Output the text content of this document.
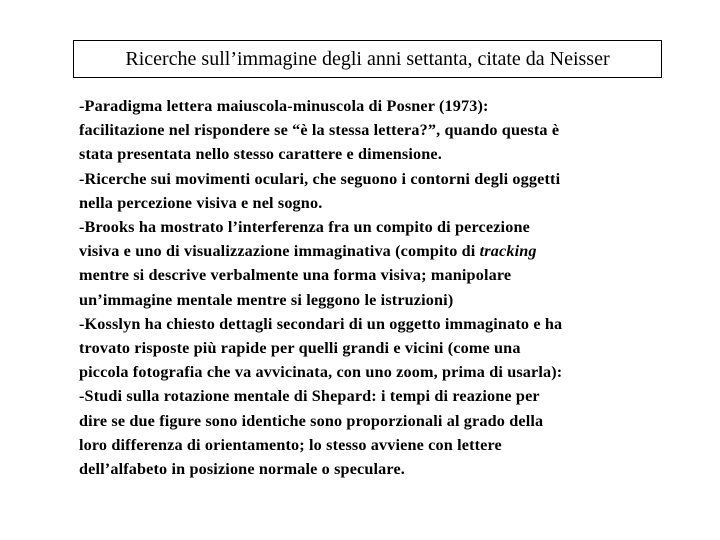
Ricerche sull’immagine degli anni settanta, citate da Neisser
-Paradigma lettera maiuscola-minuscola di Posner (1973):
facilitazione nel rispondere se “è la stessa lettera?”, quando questa è
stata presentata nello stesso carattere e dimensione.
-Ricerche sui movimenti oculari, che seguono i contorni degli oggetti
nella percezione visiva e nel sogno.
-Brooks ha mostrato l’interferenza fra un compito di percezione
visiva e uno di visualizzazione immaginativa (compito di tracking
mentre si descrive verbalmente una forma visiva; manipolare
un’immagine mentale mentre si leggono le istruzioni)
-Kosslyn ha chiesto dettagli secondari di un oggetto immaginato e ha
trovato risposte più rapide per quelli grandi e vicini (come una
piccola fotografia che va avvicinata, con uno zoom, prima di usarla):
-Studi sulla rotazione mentale di Shepard: i tempi di reazione per
dire se due figure sono identiche sono proporzionali al grado della
loro differenza di orientamento; lo stesso avviene con lettere
dell’alfabeto in posizione normale o speculare.
